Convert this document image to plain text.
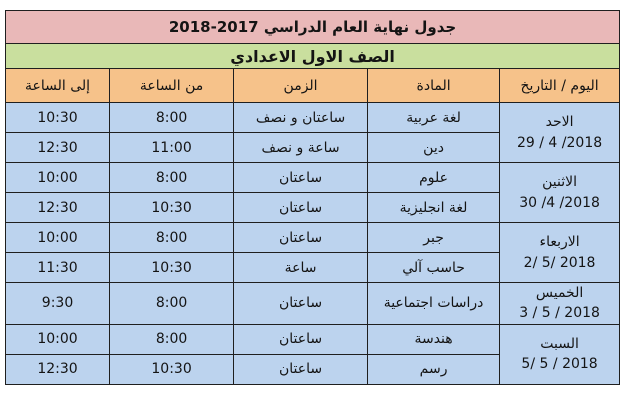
جدول نهاية العام الدراسي 2017-2018				
الصف الاول الاعدادي				
اليوم / التاريخ	المادة	الزمن	من الساعة	إلى الساعة

الاحد
2018/ 4 / 29	لغة عربية	ساعتان و نصف	8:00	10:30
	دين	ساعة و نصف	11:00	12:30

الاثنين
2018/ 4/ 30	علوم	ساعتان	8:00	10:00
	لغة انجليزية	ساعتان	10:30	12:30

الاربعاء
2018 /5 /2	جبر	ساعتان	8:00	10:00
	حاسب آلي	ساعة	10:30	11:30

الخميس
2018 / 5 / 3	دراسات اجتماعية	ساعتان	8:00	9:30

السبت
2018 / 5 /5	هندسة	ساعتان	8:00	10:00
	رسم	ساعتان	10:30	12:30
